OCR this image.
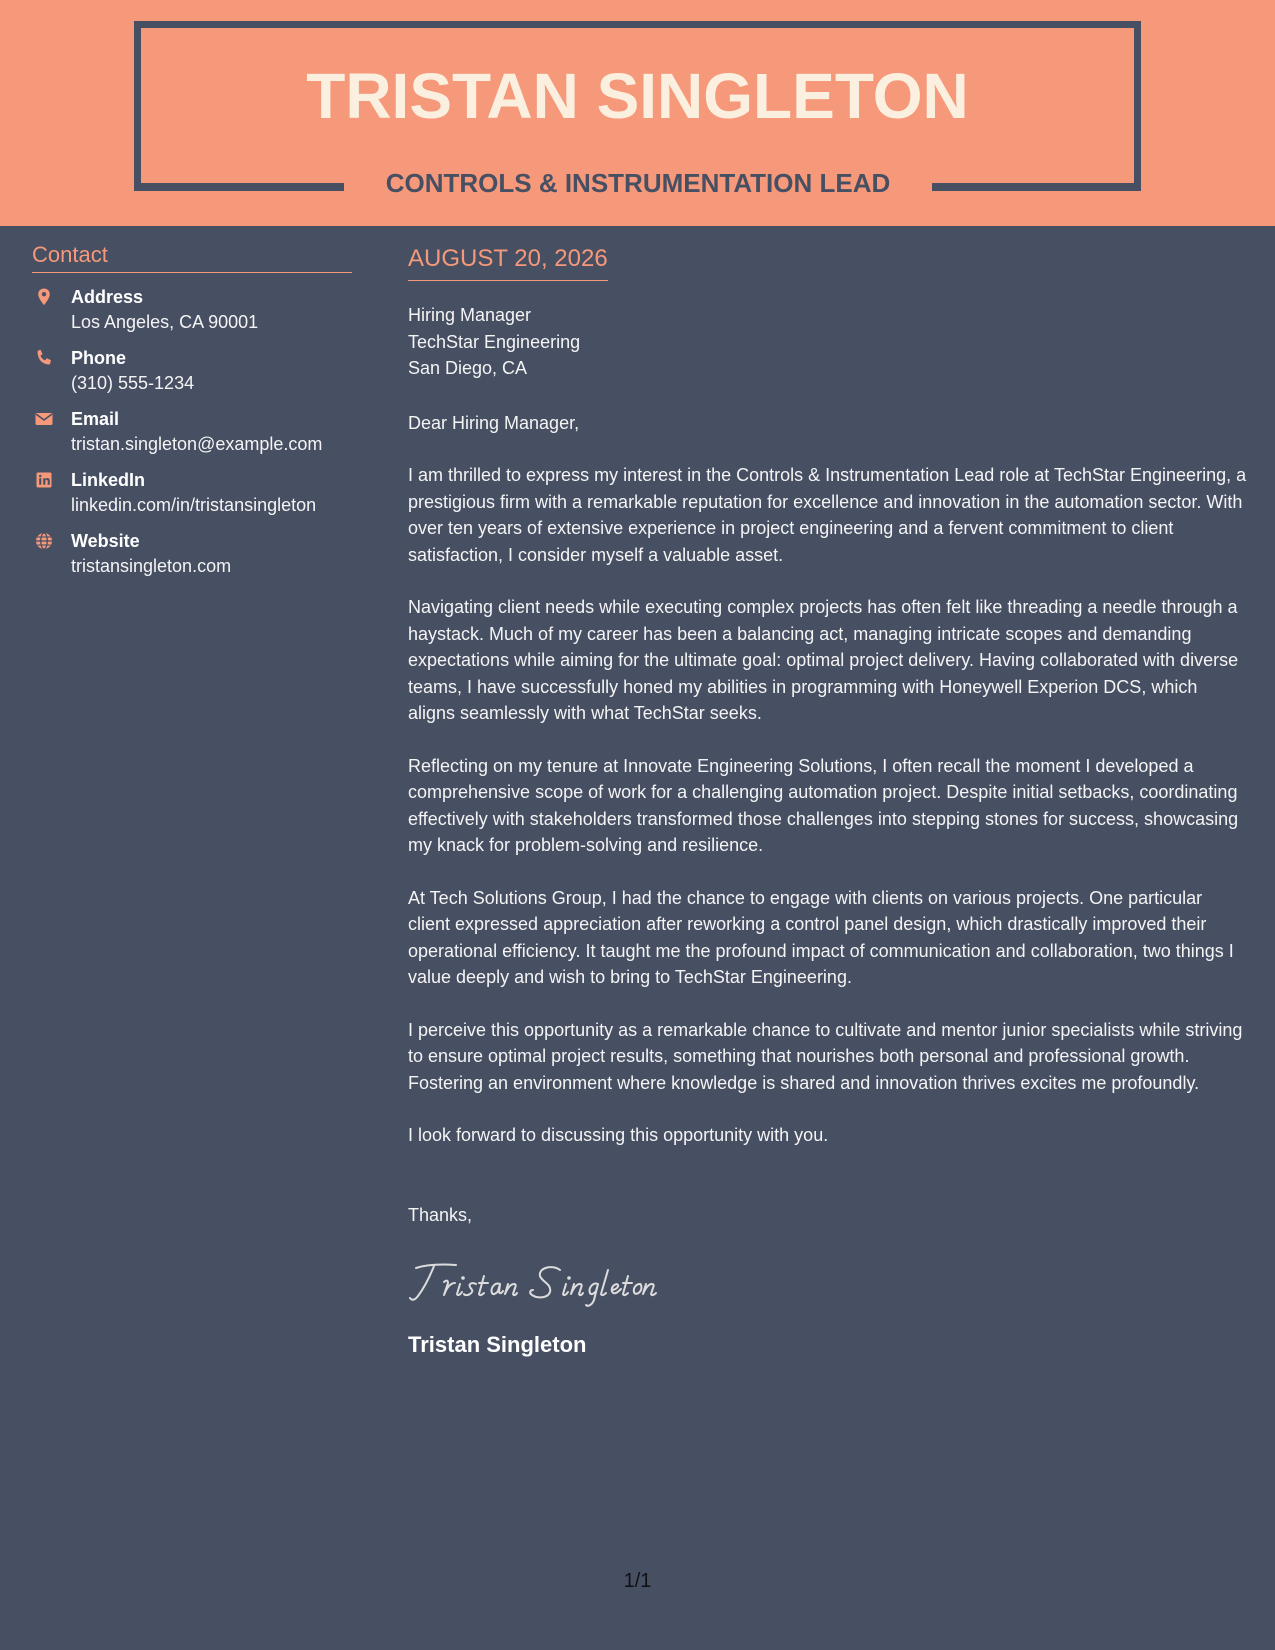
TRISTAN SINGLETON
CONTROLS & INSTRUMENTATION LEAD
Contact
Address
Los Angeles, CA 90001
Phone
(310) 555-1234
Email
tristan.singleton@example.com
LinkedIn
linkedin.com/in/tristansingleton
Website
tristansingleton.com
AUGUST 20, 2026
Hiring Manager
TechStar Engineering
San Diego, CA
Dear Hiring Manager,
I am thrilled to express my interest in the Controls & Instrumentation Lead role at TechStar Engineering, a prestigious firm with a remarkable reputation for excellence and innovation in the automation sector. With over ten years of extensive experience in project engineering and a fervent commitment to client satisfaction, I consider myself a valuable asset.
Navigating client needs while executing complex projects has often felt like threading a needle through a haystack. Much of my career has been a balancing act, managing intricate scopes and demanding expectations while aiming for the ultimate goal: optimal project delivery. Having collaborated with diverse teams, I have successfully honed my abilities in programming with Honeywell Experion DCS, which aligns seamlessly with what TechStar seeks.
Reflecting on my tenure at Innovate Engineering Solutions, I often recall the moment I developed a comprehensive scope of work for a challenging automation project. Despite initial setbacks, coordinating effectively with stakeholders transformed those challenges into stepping stones for success, showcasing my knack for problem-solving and resilience.
At Tech Solutions Group, I had the chance to engage with clients on various projects. One particular client expressed appreciation after reworking a control panel design, which drastically improved their operational efficiency. It taught me the profound impact of communication and collaboration, two things I value deeply and wish to bring to TechStar Engineering.
I perceive this opportunity as a remarkable chance to cultivate and mentor junior specialists while striving to ensure optimal project results, something that nourishes both personal and professional growth. Fostering an environment where knowledge is shared and innovation thrives excites me profoundly.
I look forward to discussing this opportunity with you.
Thanks,
Tristan Singleton
1/1
